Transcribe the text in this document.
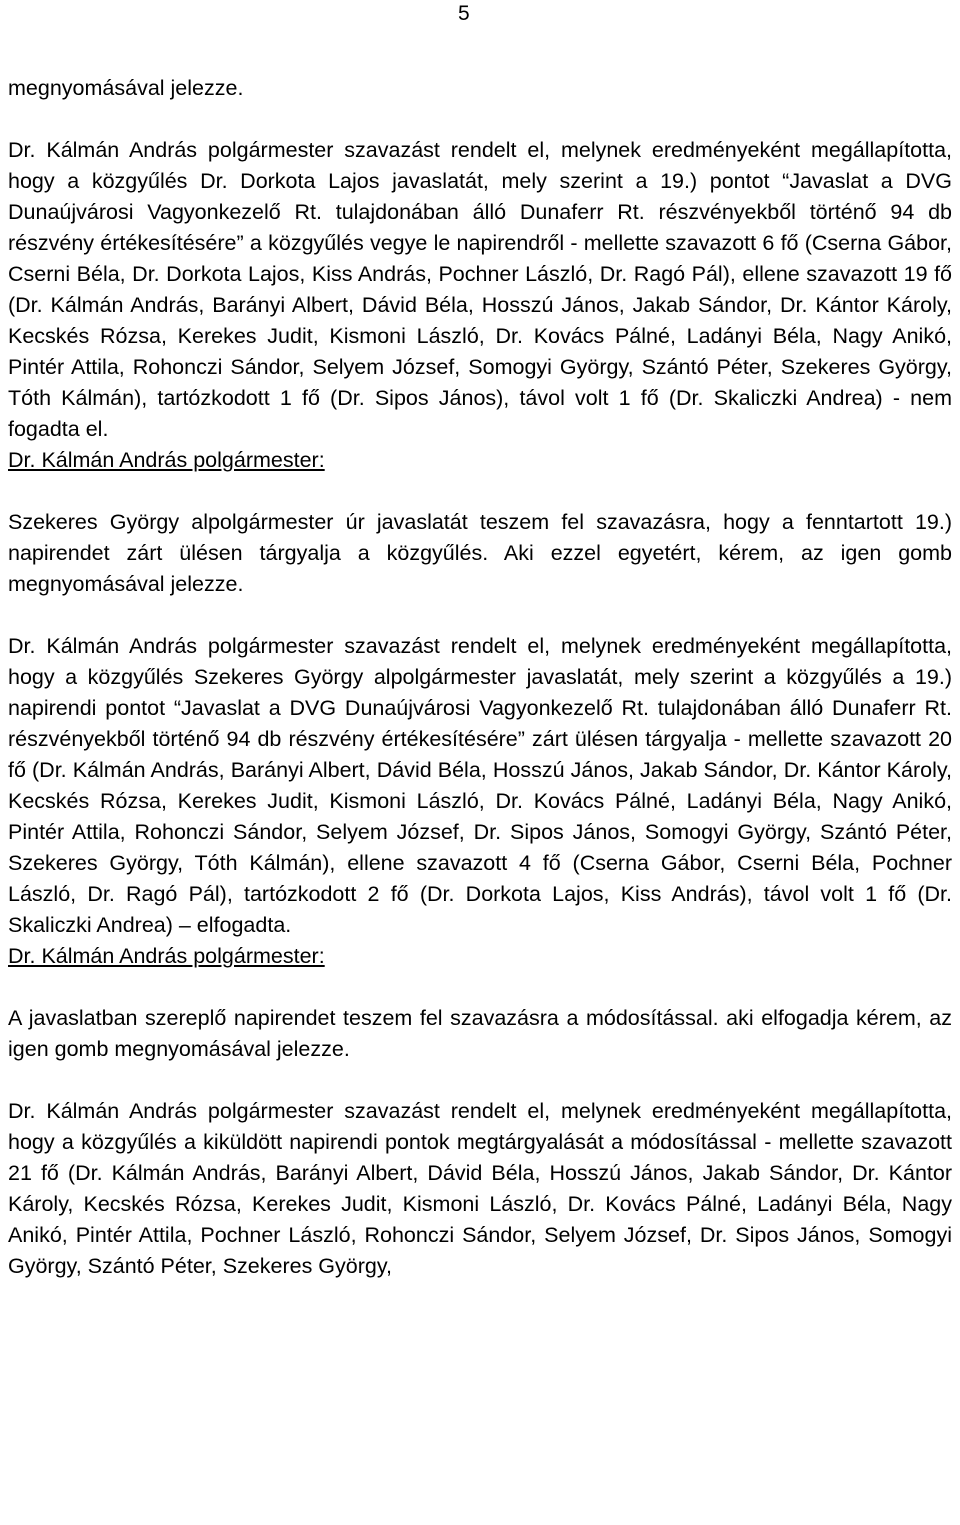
5

megnyomásával jelezze.

Dr. Kálmán András polgármester szavazást rendelt el, melynek eredményeként megállapította, hogy a közgyűlés Dr. Dorkota Lajos javaslatát, mely szerint a 19.) pontot “Javaslat a DVG Dunaújvárosi Vagyonkezelő Rt. tulajdonában álló Dunaferr Rt. részvényekből történő 94 db részvény értékesítésére” a közgyűlés vegye le napirendről - mellette szavazott 6 fő (Cserna Gábor, Cserni Béla, Dr. Dorkota Lajos, Kiss András, Pochner László, Dr. Ragó Pál), ellene szavazott 19 fő (Dr. Kálmán András, Barányi Albert, Dávid Béla, Hosszú János, Jakab Sándor, Dr. Kántor Károly, Kecskés Rózsa, Kerekes Judit, Kismoni László, Dr. Kovács Pálné, Ladányi Béla, Nagy Anikó, Pintér Attila, Rohonczi Sándor, Selyem József, Somogyi György, Szántó Péter, Szekeres György, Tóth Kálmán), tartózkodott 1 fő (Dr. Sipos János), távol volt 1 fő (Dr. Skaliczki Andrea) - nem fogadta el.

Dr. Kálmán András polgármester:

Szekeres György alpolgármester úr javaslatát teszem fel szavazásra, hogy a fenntartott 19.) napirendet zárt ülésen tárgyalja a közgyűlés. Aki ezzel egyetért, kérem, az igen gomb megnyomásával jelezze.

Dr. Kálmán András polgármester szavazást rendelt el, melynek eredményeként megállapította, hogy a közgyűlés Szekeres György alpolgármester javaslatát, mely szerint a közgyűlés a 19.) napirendi pontot “Javaslat a DVG Dunaújvárosi Vagyonkezelő Rt. tulajdonában álló Dunaferr Rt. részvényekből történő 94 db részvény értékesítésére” zárt ülésen tárgyalja - mellette szavazott 20 fő (Dr. Kálmán András, Barányi Albert, Dávid Béla, Hosszú János, Jakab Sándor, Dr. Kántor Károly, Kecskés Rózsa, Kerekes Judit, Kismoni László, Dr. Kovács Pálné, Ladányi Béla, Nagy Anikó, Pintér Attila, Rohonczi Sándor, Selyem József, Dr. Sipos János, Somogyi György, Szántó Péter, Szekeres György, Tóth Kálmán), ellene szavazott 4 fő (Cserna Gábor, Cserni Béla, Pochner László, Dr. Ragó Pál), tartózkodott 2 fő (Dr. Dorkota Lajos, Kiss András), távol volt 1 fő (Dr. Skaliczki Andrea) – elfogadta.

Dr. Kálmán András polgármester:

A javaslatban szereplő napirendet teszem fel szavazásra a módosítással. aki elfogadja kérem, az igen gomb megnyomásával jelezze.

Dr. Kálmán András polgármester szavazást rendelt el, melynek eredményeként megállapította, hogy a közgyűlés a kiküldött napirendi pontok megtárgyalását a módosítással - mellette szavazott 21 fő (Dr. Kálmán András, Barányi Albert, Dávid Béla, Hosszú János, Jakab Sándor, Dr. Kántor Károly, Kecskés Rózsa, Kerekes Judit, Kismoni László, Dr. Kovács Pálné, Ladányi Béla, Nagy Anikó, Pintér Attila, Pochner László, Rohonczi Sándor, Selyem József, Dr. Sipos János, Somogyi György, Szántó Péter, Szekeres György,
